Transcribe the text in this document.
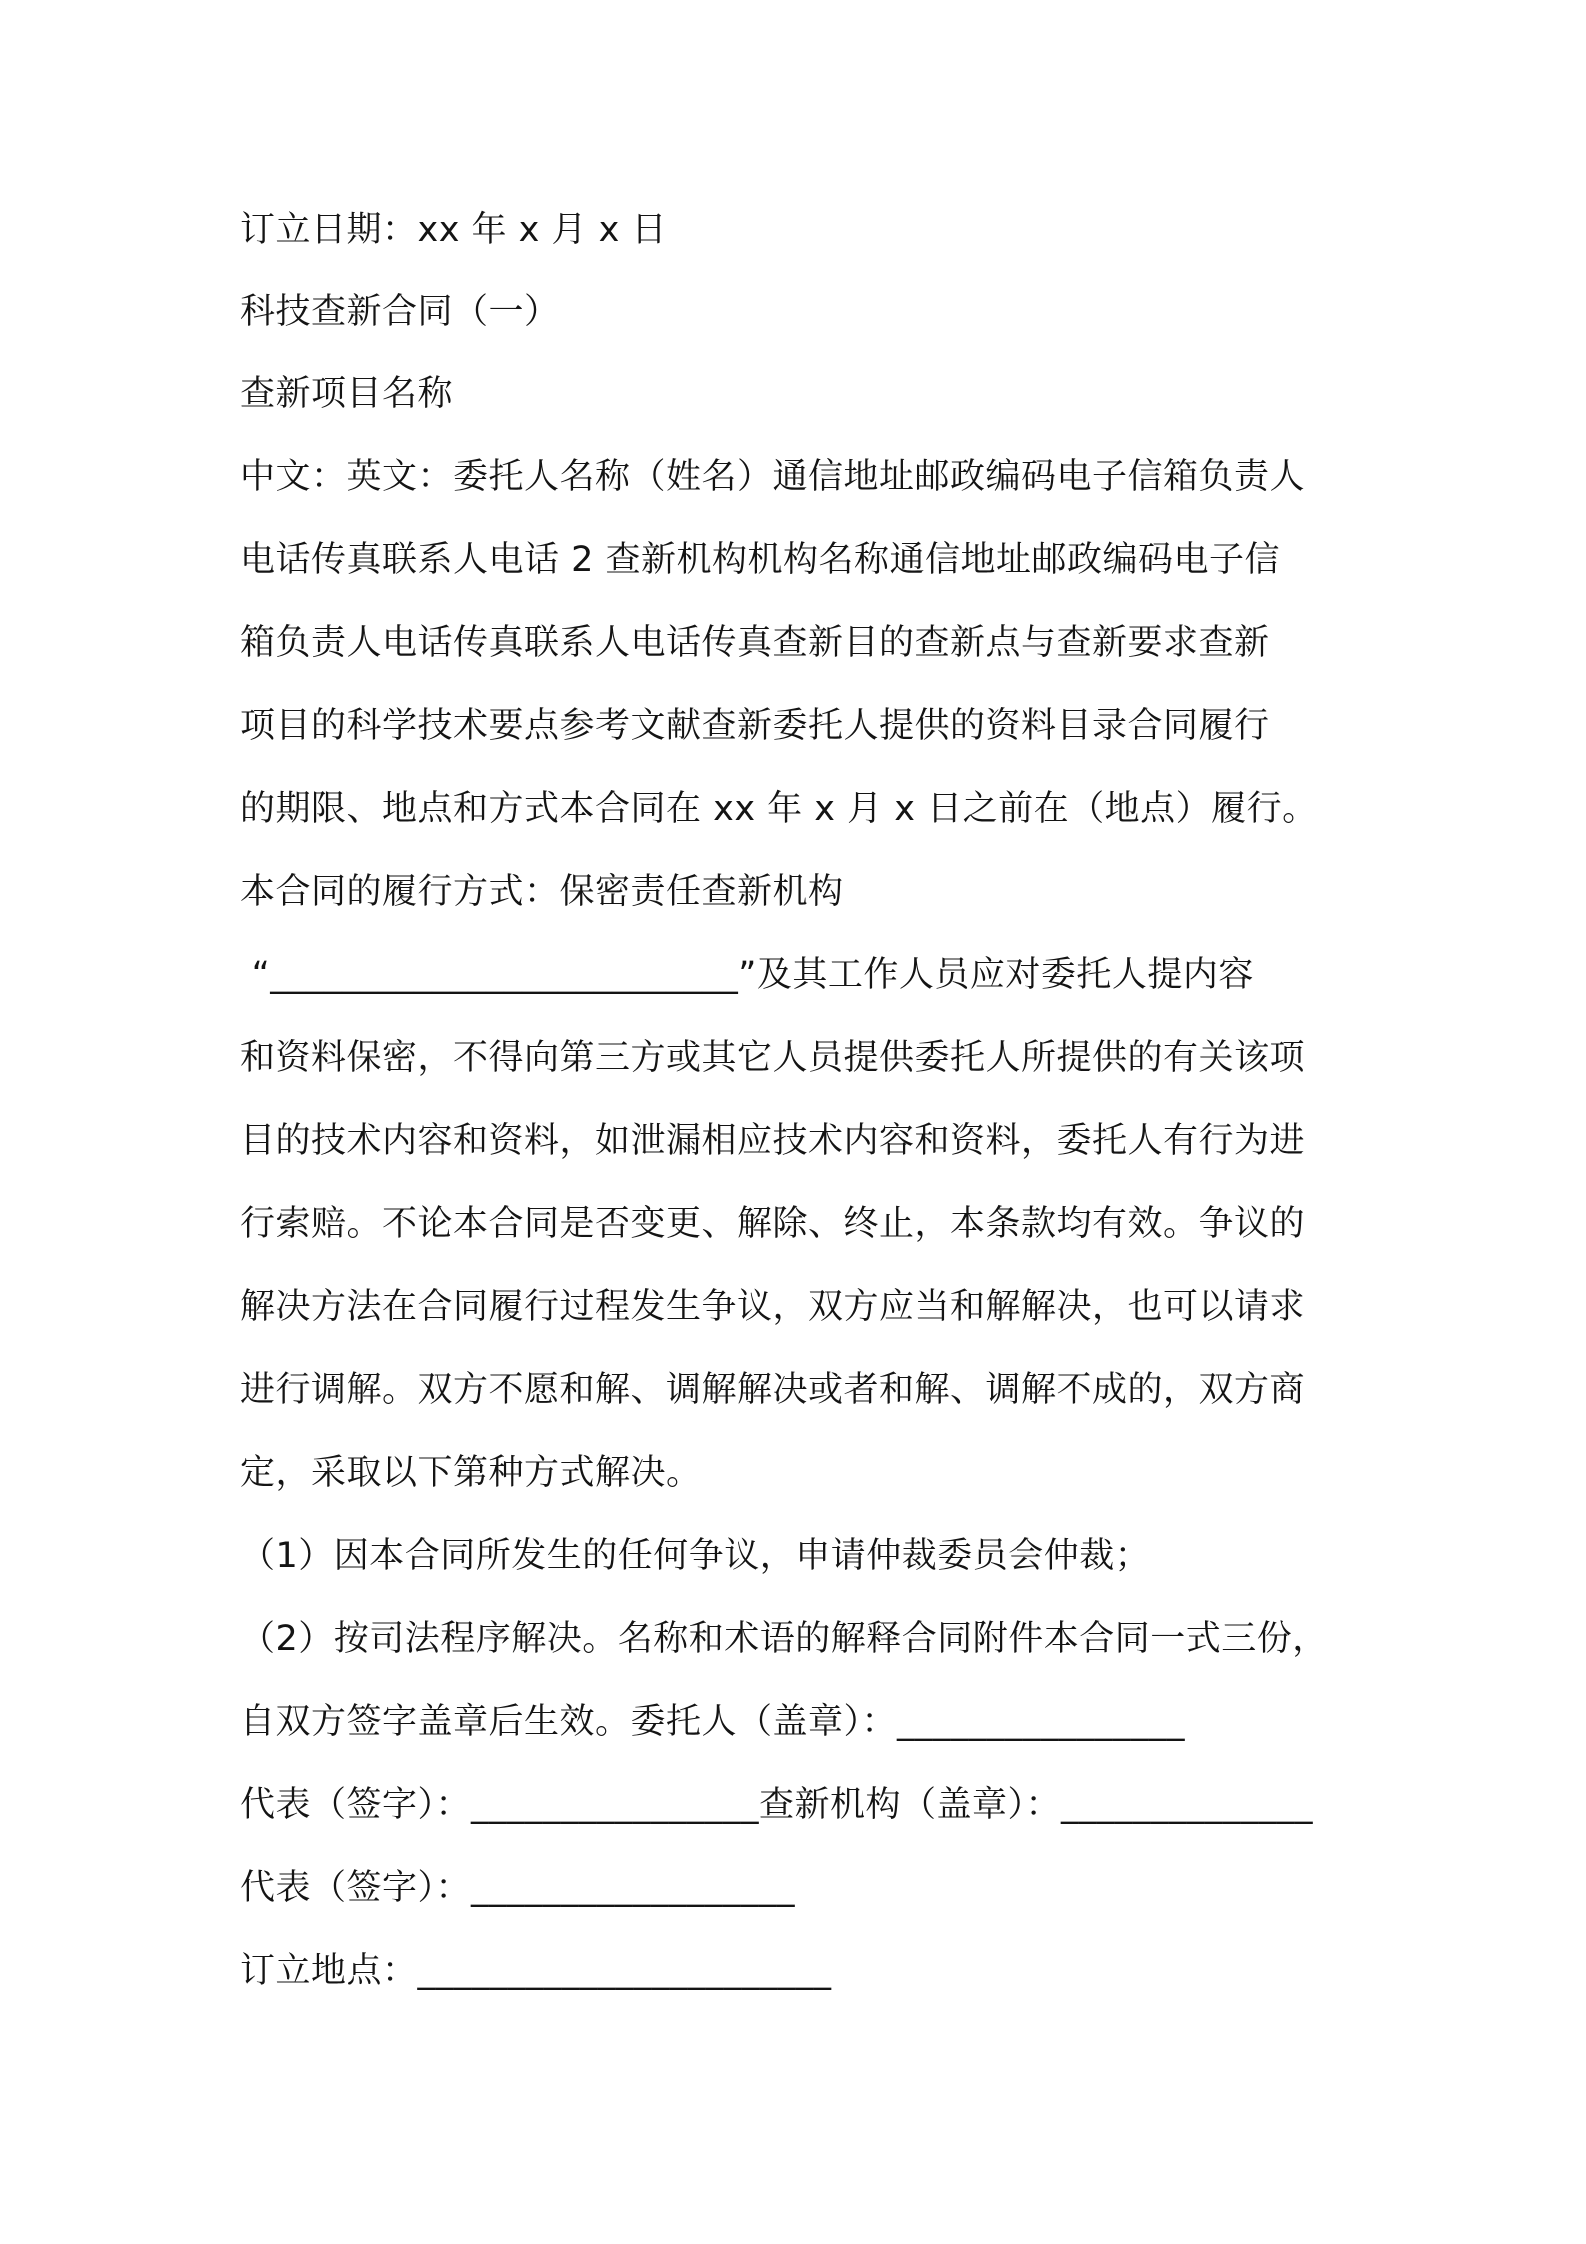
订立日期：xx 年 x 月 x 日
科技查新合同（一）
查新项目名称
中文：英文：委托人名称（姓名）通信地址邮政编码电子信箱负责人
电话传真联系人电话 2 查新机构机构名称通信地址邮政编码电子信
箱负责人电话传真联系人电话传真查新目的查新点与查新要求查新
项目的科学技术要点参考文献查新委托人提供的资料目录合同履行
的期限、地点和方式本合同在 xx 年 x 月 x 日之前在（地点）履行。
本合同的履行方式：保密责任查新机构
“__________________________”及其工作人员应对委托人提内容
和资料保密，不得向第三方或其它人员提供委托人所提供的有关该项
目的技术内容和资料，如泄漏相应技术内容和资料，委托人有行为进
行索赔。不论本合同是否变更、解除、终止，本条款均有效。争议的
解决方法在合同履行过程发生争议，双方应当和解解决，也可以请求
进行调解。双方不愿和解、调解解决或者和解、调解不成的，双方商
定，采取以下第种方式解决。
（1）因本合同所发生的任何争议，申请仲裁委员会仲裁；
（2）按司法程序解决。名称和术语的解释合同附件本合同一式三份，
自双方签字盖章后生效。委托人（盖章）：________________
代表（签字）：________________查新机构（盖章）：______________
代表（签字）：__________________
订立地点：_______________________
